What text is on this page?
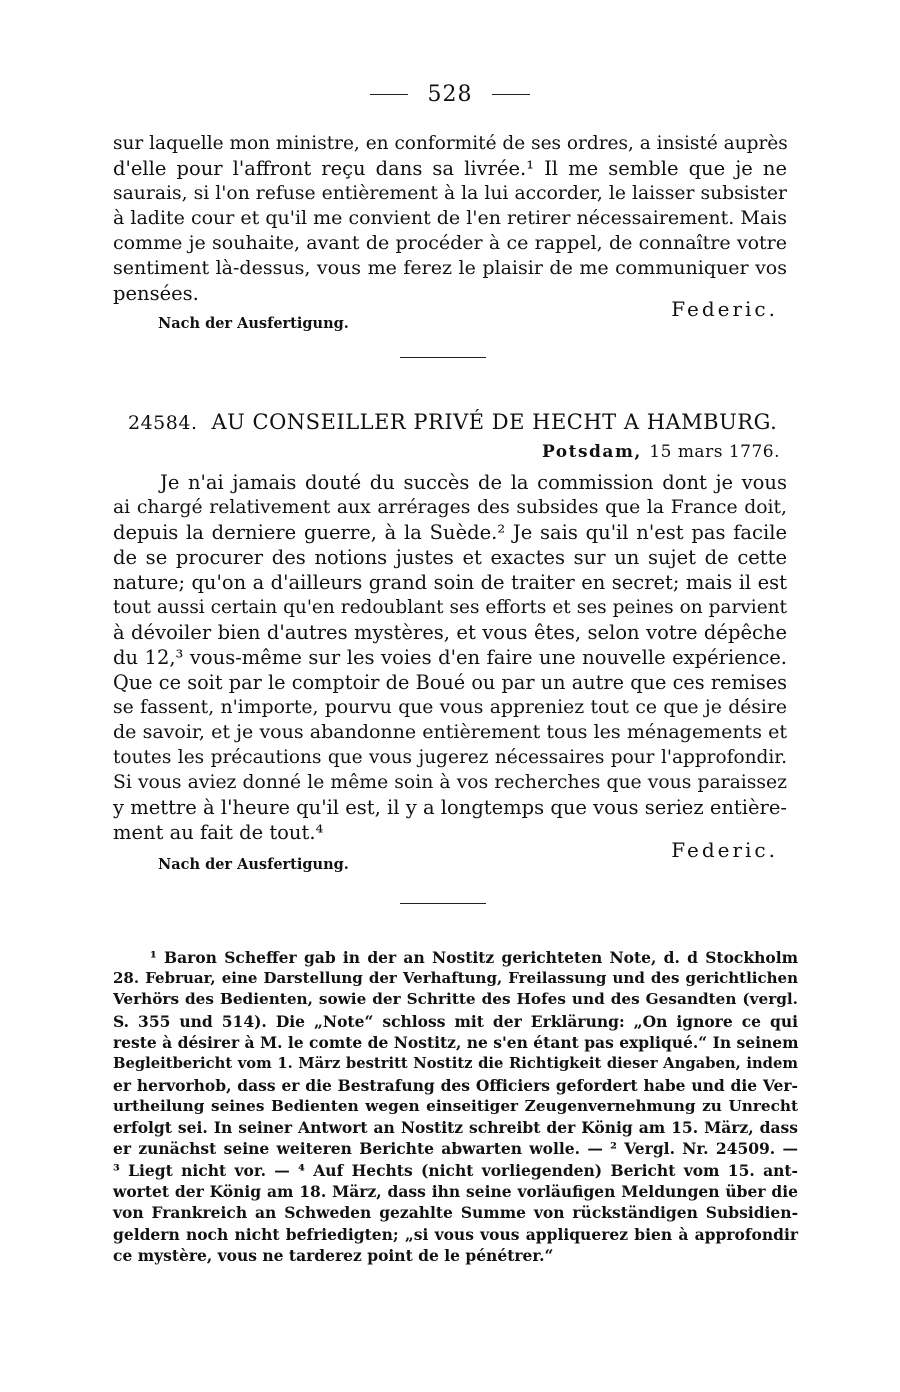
528
sur laquelle mon ministre, en conformité de ses ordres, a insisté auprès
d'elle pour l'affront reçu dans sa livrée.¹ Il me semble que je ne
saurais, si l'on refuse entièrement à la lui accorder, le laisser subsister
à ladite cour et qu'il me convient de l'en retirer nécessairement. Mais
comme je souhaite, avant de procéder à ce rappel, de connaître votre
sentiment là-dessus, vous me ferez le plaisir de me communiquer vos
pensées.
Federic.
Nach der Ausfertigung.
24584. AU CONSEILLER PRIVÉ DE HECHT A HAMBURG.
Potsdam, 15 mars 1776.
Je n'ai jamais douté du succès de la commission dont je vous
ai chargé relativement aux arrérages des subsides que la France doit,
depuis la derniere guerre, à la Suède.² Je sais qu'il n'est pas facile
de se procurer des notions justes et exactes sur un sujet de cette
nature; qu'on a d'ailleurs grand soin de traiter en secret; mais il est
tout aussi certain qu'en redoublant ses efforts et ses peines on parvient
à dévoiler bien d'autres mystères, et vous êtes, selon votre dépêche
du 12,³ vous-même sur les voies d'en faire une nouvelle expérience.
Que ce soit par le comptoir de Boué ou par un autre que ces remises
se fassent, n'importe, pourvu que vous appreniez tout ce que je désire
de savoir, et je vous abandonne entièrement tous les ménagements et
toutes les précautions que vous jugerez nécessaires pour l'approfondir.
Si vous aviez donné le même soin à vos recherches que vous paraissez
y mettre à l'heure qu'il est, il y a longtemps que vous seriez entière-
ment au fait de tout.⁴
Federic.
Nach der Ausfertigung.
¹ Baron Scheffer gab in der an Nostitz gerichteten Note, d. d Stockholm
28. Februar, eine Darstellung der Verhaftung, Freilassung und des gerichtlichen
Verhörs des Bedienten, sowie der Schritte des Hofes und des Gesandten (vergl.
S. 355 und 514). Die „Note“ schloss mit der Erklärung: „On ignore ce qui
reste à désirer à M. le comte de Nostitz, ne s'en étant pas expliqué.“ In seinem
Begleitbericht vom 1. März bestritt Nostitz die Richtigkeit dieser Angaben, indem
er hervorhob, dass er die Bestrafung des Officiers gefordert habe und die Ver-
urtheilung seines Bedienten wegen einseitiger Zeugenvernehmung zu Unrecht
erfolgt sei. In seiner Antwort an Nostitz schreibt der König am 15. März, dass
er zunächst seine weiteren Berichte abwarten wolle. — ² Vergl. Nr. 24509. —
³ Liegt nicht vor. — ⁴ Auf Hechts (nicht vorliegenden) Bericht vom 15. ant-
wortet der König am 18. März, dass ihn seine vorläufigen Meldungen über die
von Frankreich an Schweden gezahlte Summe von rückständigen Subsidien-
geldern noch nicht befriedigten; „si vous vous appliquerez bien à approfondir
ce mystère, vous ne tarderez point de le pénétrer.“
